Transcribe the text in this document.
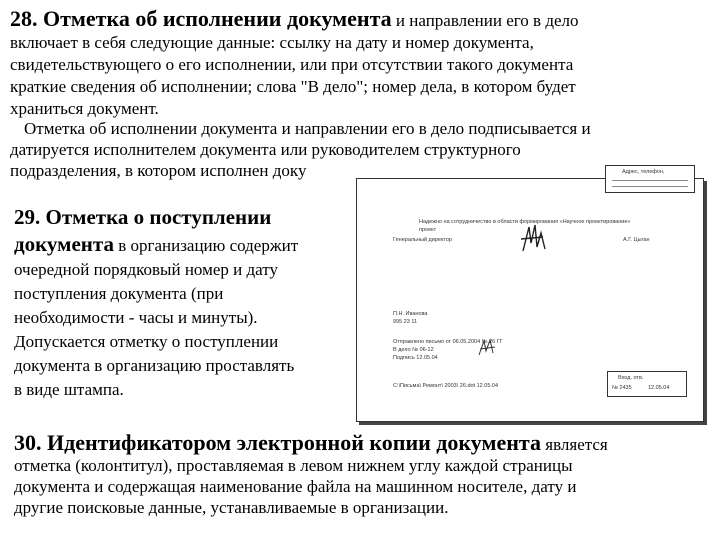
28. Отметка об исполнении документа и направлении его в дело
включает в себя следующие данные: ссылку на дату и номер документа,
свидетельствующего о его исполнении, или при отсутствии такого документа
краткие сведения об исполнении; слова "В дело"; номер дела, в котором будет
храниться документ.
Отметка об исполнении документа и направлении его в дело подписывается и
датируется исполнителем документа или руководителем структурного
подразделения, в котором исполнен доку	Адрес, телефон,
Надежно на сотрудничество в области формирования «Научное проектирование»
проект
Генеральный директор	А.Г. Цыган
П.Н. Иванова
995 23 11
Отправлено письмо от 06.05.2004 № 26 ГГ
В дело № 06-12
Подпись 12.05.04
С:\Письма\ Ремонт\ 2003\ 26.dot 12.05.04
Вход. отв.
№ 2435	12.05.04
29. Отметка о поступлении
документа в организацию содержит
очередной порядковый номер и дату
поступления документа (при
необходимости - часы и минуты).
Допускается отметку о поступлении
документа в организацию проставлять
в виде штампа.
30. Идентификатором электронной копии документа является
отметка (колонтитул), проставляемая в левом нижнем углу каждой страницы
документа и содержащая наименование файла на машинном носителе, дату и
другие поисковые данные, устанавливаемые в организации.
